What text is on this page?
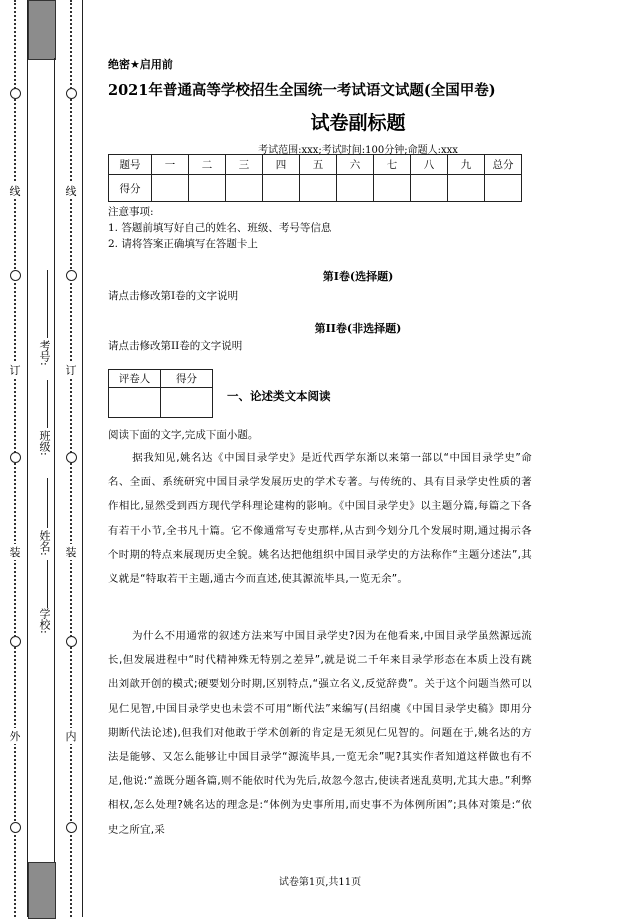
线
订
装
外
线
订
装
内
学校:
姓名:
班级:
考号:
绝密★启用前
2021年普通高等学校招生全国统一考试语文试题(全国甲卷)
试卷副标题
考试范围:xxx;考试时间:100分钟;命题人:xxx
题号	一	二	三	四	五	六	七	八	九	总分
得分										
注意事项:
1. 答题前填写好自己的姓名、班级、考号等信息
2. 请将答案正确填写在答题卡上
第I卷(选择题)
请点击修改第I卷的文字说明
第II卷(非选择题)
请点击修改第II卷的文字说明
评卷人	得分

一、论述类文本阅读
阅读下面的文字,完成下面小题。
据我知见,姚名达《中国目录学史》是近代西学东渐以来第一部以“中国目录学史”命名、全面、系统研究中国目录学发展历史的学术专著。与传统的、具有目录学史性质的著作相比,显然受到西方现代学科理论建构的影响。《中国目录学史》以主题分篇,每篇之下各有若干小节,全书凡十篇。它不像通常写专史那样,从古到今划分几个发展时期,通过揭示各个时期的特点来展现历史全貌。姚名达把他组织中国目录学史的方法称作“主题分述法”,其义就是“特取若干主题,通古今而直述,使其源流毕具,一览无余”。
为什么不用通常的叙述方法来写中国目录学史?因为在他看来,中国目录学虽然源远流长,但发展进程中“时代精神殊无特别之差异”,就是说二千年来目录学形态在本质上没有跳出刘歆开创的模式;硬要划分时期,区别特点,“强立名义,反觉辞费”。关于这个问题当然可以见仁见智,中国目录学史也未尝不可用“断代法”来编写(吕绍虞《中国目录学史稿》即用分期断代法论述),但我们对他敢于学术创新的肯定是无须见仁见智的。问题在于,姚名达的方法是能够、又怎么能够让中国目录学“源流毕具,一览无余”呢?其实作者知道这样做也有不足,他说:“盖既分题各篇,则不能依时代为先后,故忽今忽古,使读者迷乱莫明,尤其大患。”利弊相权,怎么处理?姚名达的理念是:“体例为史事所用,而史事不为体例所困”;具体对策是:“依史之所宜,采
试卷第1页,共11页
